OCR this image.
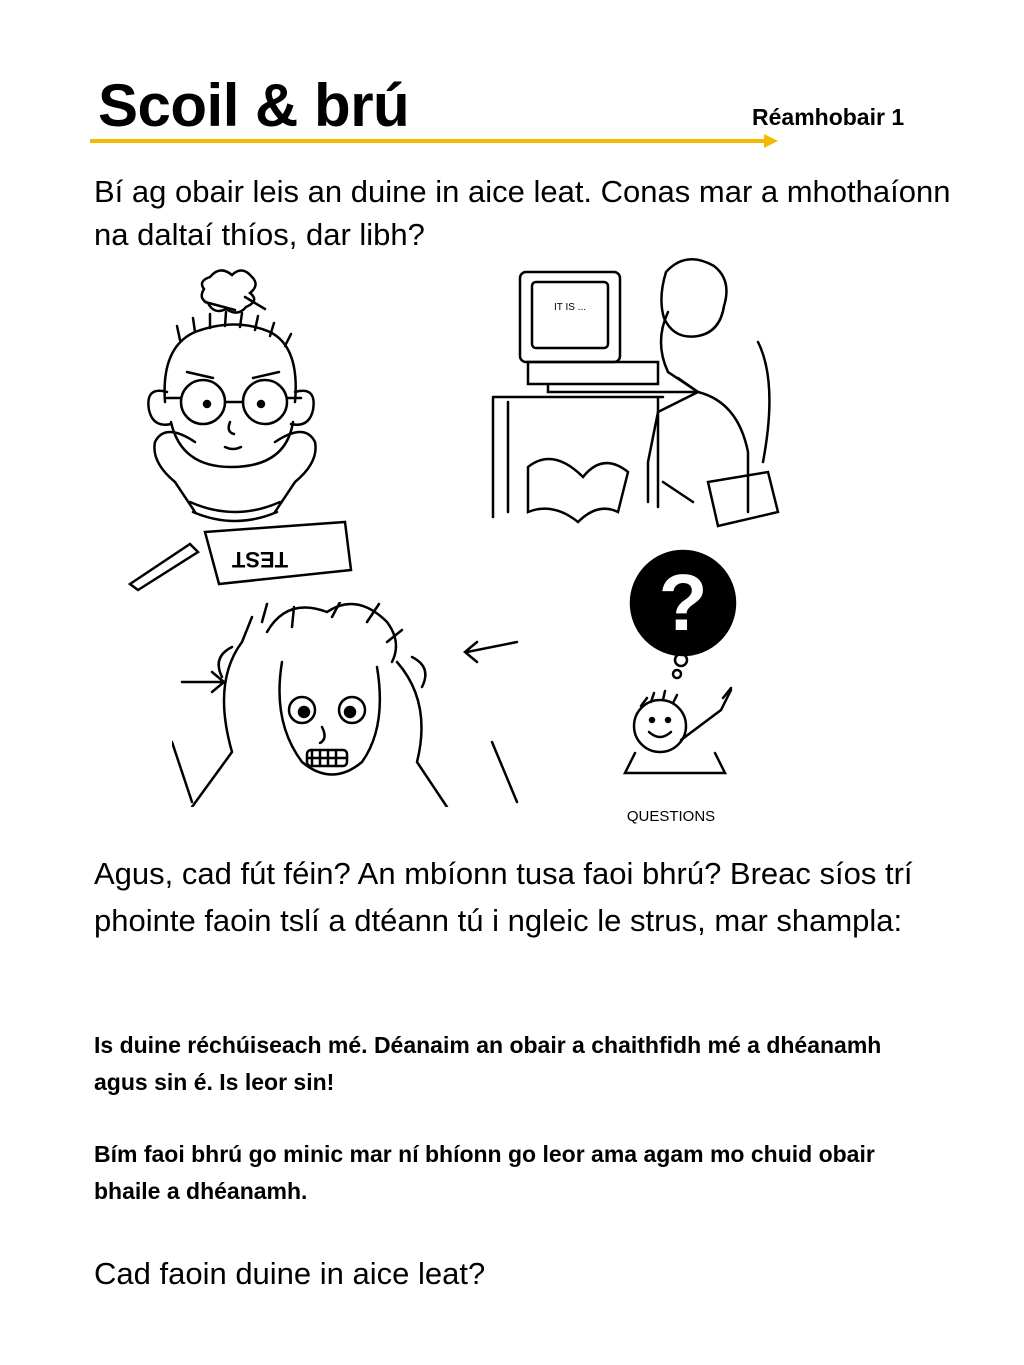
Scoil & brú	Réamhobair 1

Bí ag obair leis an duine in aice leat. Conas mar a mhothaíonn na daltaí thíos, dar libh?

TEST
IT IS ...
?
QUESTIONS

Agus, cad fút féin? An mbíonn tusa faoi bhrú? Breac síos trí phointe faoin tslí a dtéann tú i ngleic le strus, mar shampla:

Is duine réchúiseach mé. Déanaim an obair a chaithfidh mé a dhéanamh agus sin é. Is leor sin!

Bím faoi bhrú go minic mar ní bhíonn go leor ama agam mo chuid obair bhaile a dhéanamh.

Cad faoin duine in aice leat?
